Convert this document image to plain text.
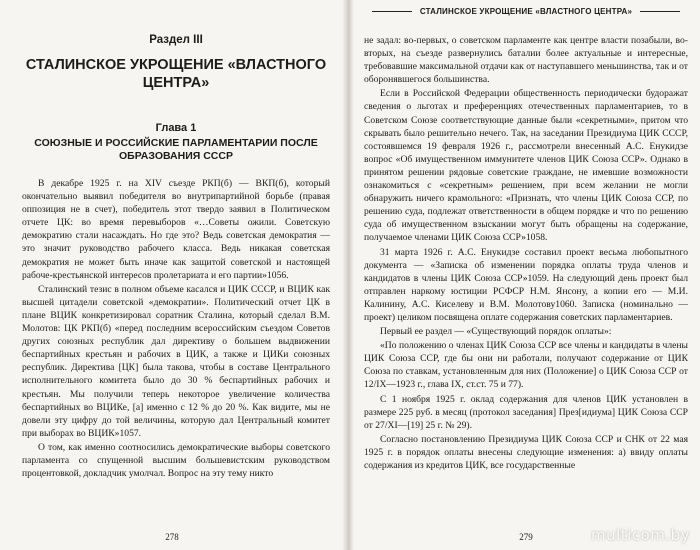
Раздел III
СТАЛИНСКОЕ УКРОЩЕНИЕ «ВЛАСТНОГО ЦЕНТРА»
Глава 1
СОЮЗНЫЕ И РОССИЙСКИЕ ПАРЛАМЕНТАРИИ ПОСЛЕ ОБРАЗОВАНИЯ СССР

В декабре 1925 г. на XIV съезде РКП(б) — ВКП(б), который окончательно выявил победителя во внутрипартийной борьбе (правая оппозиция не в счет), победитель этот твердо заявил в Политическом отчете ЦК: во время перевыборов «…Советы ожили. Советскую демократию стали насаждать. Но где это? Ведь советская демократия — это значит руководство рабочего класса. Ведь никакая советская демократия не может быть иначе как защитой советской и настоящей рабоче-крестьянской интересов пролетариата и его партии»1056.

Сталинский тезис в полном объеме касался и ЦИК СССР, и ВЦИК как высшей цитадели советской «демократии». Политический отчет ЦК в плане ВЦИК конкретизировал соратник Сталина, который сделал В.М. Молотов: ЦК РКП(б) «перед последним всероссийским съездом Советов других союзных республик дал директиву о большем выдвижении беспартийных крестьян и рабочих в ЦИК, а также и ЦИКи союзных республик. Директива [ЦК] была такова, чтобы в составе Центрального исполнительного комитета было до 30 % беспартийных рабочих и крестьян. Мы получили теперь некоторое увеличение количества беспартийных во ВЦИКе, [а] именно с 12 % до 20 %. Как видите, мы не довели эту цифру до той величины, которую дал Центральный комитет при выборах во ВЦИК»1057.

О том, как именно соотносились демократические выборы советского парламента со спущенной высшим большевистским руководством процентовкой, докладчик умолчал. Вопрос на эту тему никто

278
СТАЛИНСКОЕ УКРОЩЕНИЕ «ВЛАСТНОГО ЦЕНТРА»

не задал: во-первых, о советском парламенте как центре власти позабыли, во-вторых, на съезде развернулись баталии более актуальные и интересные, требовавшие максимальной отдачи как от наступавшего меньшинства, так и от оборонявшегося большинства.

Если в Российской Федерации общественность периодически будоражат сведения о льготах и преференциях отечественных парламентариев, то в Советском Союзе соответствующие данные были «секретными», притом что скрывать было решительно нечего. Так, на заседании Президиума ЦИК СССР, состоявшемся 19 февраля 1926 г., рассмотрели внесенный А.С. Енукидзе вопрос «Об имущественном иммунитете членов ЦИК Союза ССР». Однако в принятом решении рядовые советские граждане, не имевшие возможности ознакомиться с «секретным» решением, при всем желании не могли обнаружить ничего крамольного: «Признать, что члены ЦИК Союза ССР, по решению суда, подлежат ответственности в общем порядке и что по решению суда об имущественном взыскании могут быть обращены на содержание, получаемое членами ЦИК Союза ССР»1058.

31 марта 1926 г. А.С. Енукидзе составил проект весьма любопытного документа — «Записка об изменении порядка оплаты труда членов и кандидатов в члены ЦИК Союза ССР»1059. На следующий день проект был отправлен наркому юстиции РСФСР Н.М. Янсону, а копии его — М.И. Калинину, А.С. Киселеву и В.М. Молотову1060. Записка (номинально — проект) целиком посвящена оплате содержания советских парламентариев.

Первый ее раздел — «Существующий порядок оплаты»:

«По положению о членах ЦИК Союза ССР все члены и кандидаты в члены ЦИК Союза ССР, где бы они ни работали, получают содержание от ЦИК Союза по ставкам, установленным для них (Положение] о ЦИК Союза ССР от 12/IX—1923 г., глава IX, ст.ст. 75 и 77).

С 1 ноября 1925 г. оклад содержания для членов ЦИК установлен в размере 225 руб. в месяц (протокол заседания] През[идиума] ЦИК Союза ССР от 27/XI—[19] 25 г. № 29).

Согласно постановлению Президиума ЦИК Союза ССР и СНК от 22 мая 1925 г. в порядок оплаты внесены следующие изменения: а) ввиду оплаты содержания из кредитов ЦИК, все государственные

279	multicom.by
